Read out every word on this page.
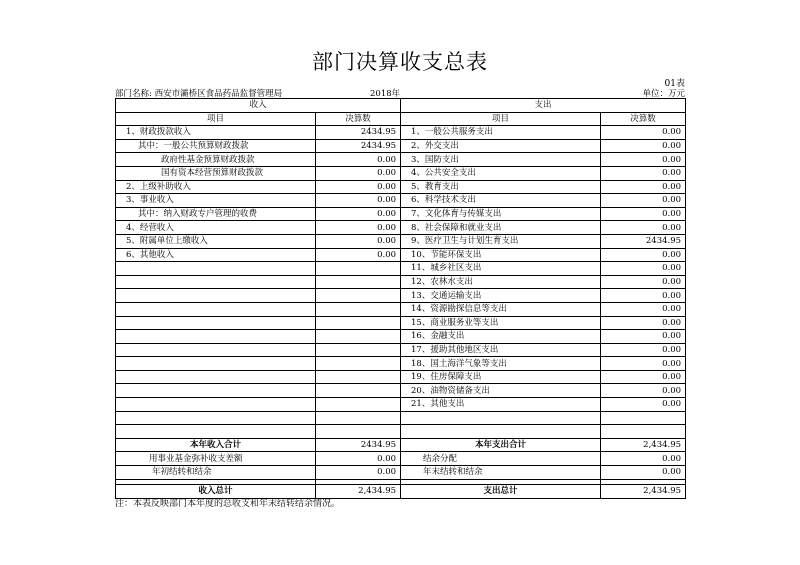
部门决算收支总表
01表
部门名称: 西安市灞桥区食品药品监督管理局	2018年	单位：万元
收入		支出	
项目	决算数	项目	决算数
1、财政拨款收入	2434.95	1、一般公共服务支出	0.00
其中：一般公共预算财政拨款	2434.95	2、外交支出	0.00
政府性基金预算财政拨款	0.00	3、国防支出	0.00
国有资本经营预算财政拨款	0.00	4、公共安全支出	0.00
2、上级补助收入	0.00	5、教育支出	0.00
3、事业收入	0.00	6、科学技术支出	0.00
其中：纳入财政专户管理的收费	0.00	7、文化体育与传媒支出	0.00
4、经营收入	0.00	8、社会保障和就业支出	0.00
5、附属单位上缴收入	0.00	9、医疗卫生与计划生育支出	2434.95
6、其他收入	0.00	10、节能环保支出	0.00
		11、城乡社区支出	0.00
		12、农林水支出	0.00
		13、交通运输支出	0.00
		14、资源勘探信息等支出	0.00
		15、商业服务业等支出	0.00
		16、金融支出	0.00
		17、援助其他地区支出	0.00
		18、国土海洋气象等支出	0.00
		19、住房保障支出	0.00
		20、油物资储备支出	0.00
		21、其他支出	0.00

本年收入合计	2434.95	本年支出合计	2,434.95
用事业基金弥补收支差额	0.00	结余分配	0.00
年初结转和结余	0.00	年末结转和结余	0.00

收入总计	2,434.95	支出总计	2,434.95
注：本表反映部门本年度的总收支和年末结转结余情况。
